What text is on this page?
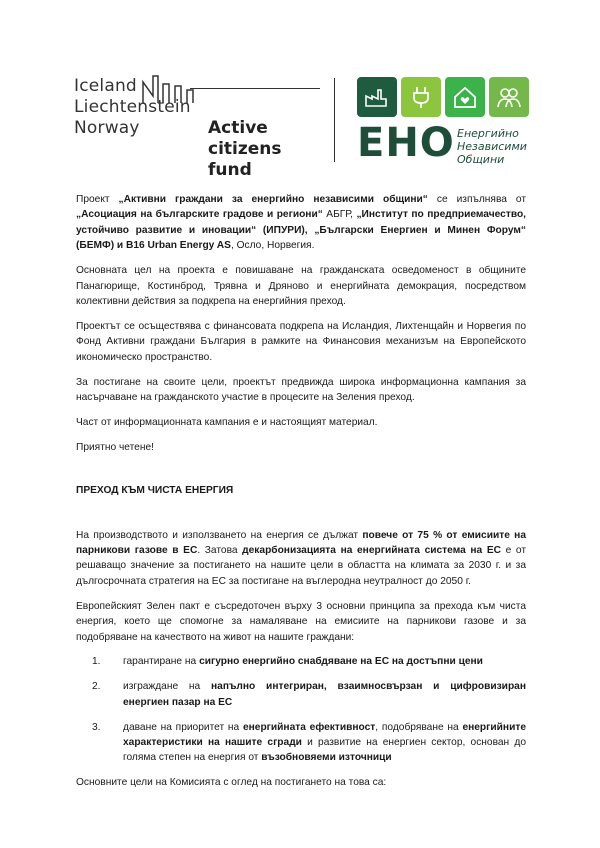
Iceland
Liechtenstein
Norway	Active
citizens fund
ЕНО Енергийно
Независими
Общини

Проект „Активни граждани за енергийно независими общини“ се изпълнява от „Асоциация на българските градове и региони“ АБГР, „Институт по предприемачество, устойчиво развитие и иновации“ (ИПУРИ), „Български Енергиен и Минен Форум“ (БЕМФ) и B16 Urban Energy AS, Осло, Норвегия.

Основната цел на проекта е повишаване на гражданската осведоменост в общините Панагюрище, Костинброд, Трявна и Дряново и енергийната демокрация, посредством колективни действия за подкрепа на енергийния преход.

Проектът се осъществява с финансовата подкрепа на Исландия, Лихтенщайн и Норвегия по Фонд Активни граждани България в рамките на Финансовия механизъм на Европейското икономическо пространство.

За постигане на своите цели, проектът предвижда широка информационна кампания за насърчаване на гражданското участие в процесите на Зеления преход.

Част от информационната кампания е и настоящият материал.

Приятно четене!

ПРЕХОД КЪМ ЧИСТА ЕНЕРГИЯ

На производството и използването на енергия се дължат повече от 75 % от емисиите на парникови газове в ЕС. Затова декарбонизацията на енергийната система на ЕС е от решаващо значение за постигането на нашите цели в областта на климата за 2030 г. и за дългосрочната стратегия на ЕС за постигане на въглеродна неутралност до 2050 г.

Европейският Зелен пакт е съсредоточен върху 3 основни принципа за прехода към чиста енергия, което ще спомогне за намаляване на емисиите на парникови газове и за подобряване на качеството на живот на нашите граждани:

1. гарантиране на сигурно енергийно снабдяване на ЕС на достъпни цени
2. изграждане на напълно интегриран, взаимносвързан и цифровизиран енергиен пазар на ЕС
3. даване на приоритет на енергийната ефективност, подобряване на енергийните характеристики на нашите сгради и развитие на енергиен сектор, основан до голяма степен на енергия от възобновяеми източници

Основните цели на Комисията с оглед на постигането на това са:
